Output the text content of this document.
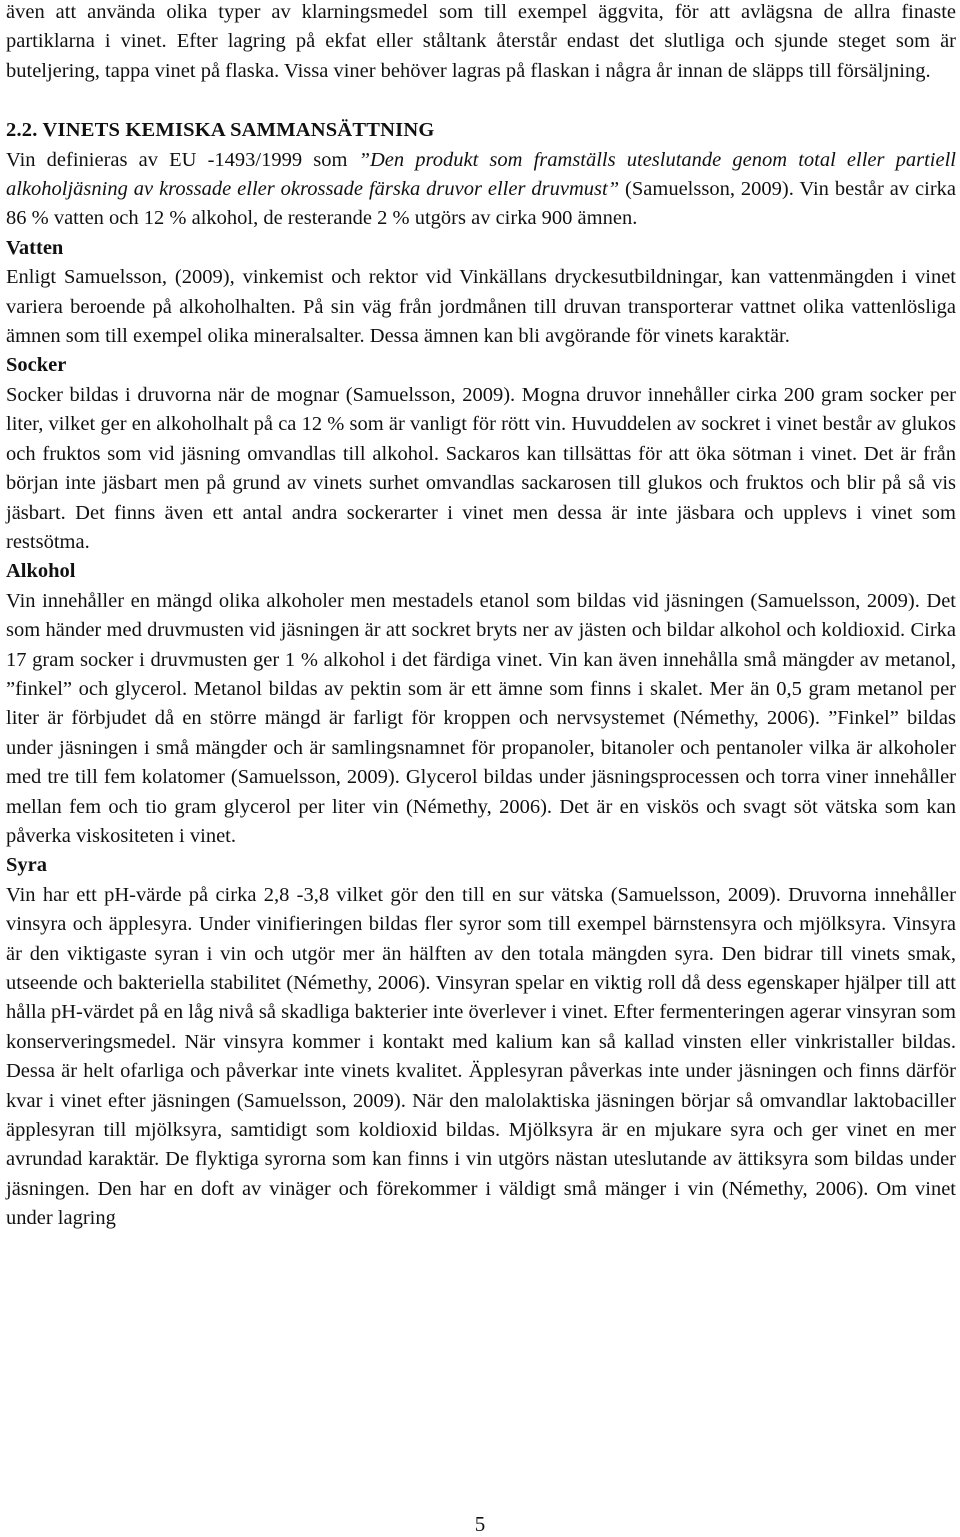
även att använda olika typer av klarningsmedel som till exempel äggvita, för att avlägsna de allra finaste partiklarna i vinet. Efter lagring på ekfat eller ståltank återstår endast det slutliga och sjunde steget som är buteljering, tappa vinet på flaska. Vissa viner behöver lagras på flaskan i några år innan de släpps till försäljning.

2.2. VINETS KEMISKA SAMMANSÄTTNING

Vin definieras av EU -1493/1999 som ”Den produkt som framställs uteslutande genom total eller partiell alkoholjäsning av krossade eller okrossade färska druvor eller druvmust” (Samuelsson, 2009). Vin består av cirka 86 % vatten och 12 % alkohol, de resterande 2 % utgörs av cirka 900 ämnen.

Vatten

Enligt Samuelsson, (2009), vinkemist och rektor vid Vinkällans dryckesutbildningar, kan vattenmängden i vinet variera beroende på alkoholhalten. På sin väg från jordmånen till druvan transporterar vattnet olika vattenlösliga ämnen som till exempel olika mineralsalter. Dessa ämnen kan bli avgörande för vinets karaktär.

Socker

Socker bildas i druvorna när de mognar (Samuelsson, 2009). Mogna druvor innehåller cirka 200 gram socker per liter, vilket ger en alkoholhalt på ca 12 % som är vanligt för rött vin. Huvuddelen av sockret i vinet består av glukos och fruktos som vid jäsning omvandlas till alkohol. Sackaros kan tillsättas för att öka sötman i vinet. Det är från början inte jäsbart men på grund av vinets surhet omvandlas sackarosen till glukos och fruktos och blir på så vis jäsbart. Det finns även ett antal andra sockerarter i vinet men dessa är inte jäsbara och upplevs i vinet som restsötma.

Alkohol

Vin innehåller en mängd olika alkoholer men mestadels etanol som bildas vid jäsningen (Samuelsson, 2009). Det som händer med druvmusten vid jäsningen är att sockret bryts ner av jästen och bildar alkohol och koldioxid. Cirka 17 gram socker i druvmusten ger 1 % alkohol i det färdiga vinet. Vin kan även innehålla små mängder av metanol, ”finkel” och glycerol. Metanol bildas av pektin som är ett ämne som finns i skalet. Mer än 0,5 gram metanol per liter är förbjudet då en större mängd är farligt för kroppen och nervsystemet (Némethy, 2006). ”Finkel” bildas under jäsningen i små mängder och är samlingsnamnet för propanoler, bitanoler och pentanoler vilka är alkoholer med tre till fem kolatomer (Samuelsson, 2009). Glycerol bildas under jäsningsprocessen och torra viner innehåller mellan fem och tio gram glycerol per liter vin (Némethy, 2006). Det är en viskös och svagt söt vätska som kan påverka viskositeten i vinet.

Syra

Vin har ett pH-värde på cirka 2,8 -3,8 vilket gör den till en sur vätska (Samuelsson, 2009). Druvorna innehåller vinsyra och äpplesyra. Under vinifieringen bildas fler syror som till exempel bärnstensyra och mjölksyra. Vinsyra är den viktigaste syran i vin och utgör mer än hälften av den totala mängden syra. Den bidrar till vinets smak, utseende och bakteriella stabilitet (Némethy, 2006). Vinsyran spelar en viktig roll då dess egenskaper hjälper till att hålla pH-värdet på en låg nivå så skadliga bakterier inte överlever i vinet. Efter fermenteringen agerar vinsyran som konserveringsmedel. När vinsyra kommer i kontakt med kalium kan så kallad vinsten eller vinkristaller bildas. Dessa är helt ofarliga och påverkar inte vinets kvalitet. Äpplesyran påverkas inte under jäsningen och finns därför kvar i vinet efter jäsningen (Samuelsson, 2009). När den malolaktiska jäsningen börjar så omvandlar laktobaciller äpplesyran till mjölksyra, samtidigt som koldioxid bildas. Mjölksyra är en mjukare syra och ger vinet en mer avrundad karaktär. De flyktiga syrorna som kan finns i vin utgörs nästan uteslutande av ättiksyra som bildas under jäsningen. Den har en doft av vinäger och förekommer i väldigt små mänger i vin (Némethy, 2006). Om vinet under lagring

5
